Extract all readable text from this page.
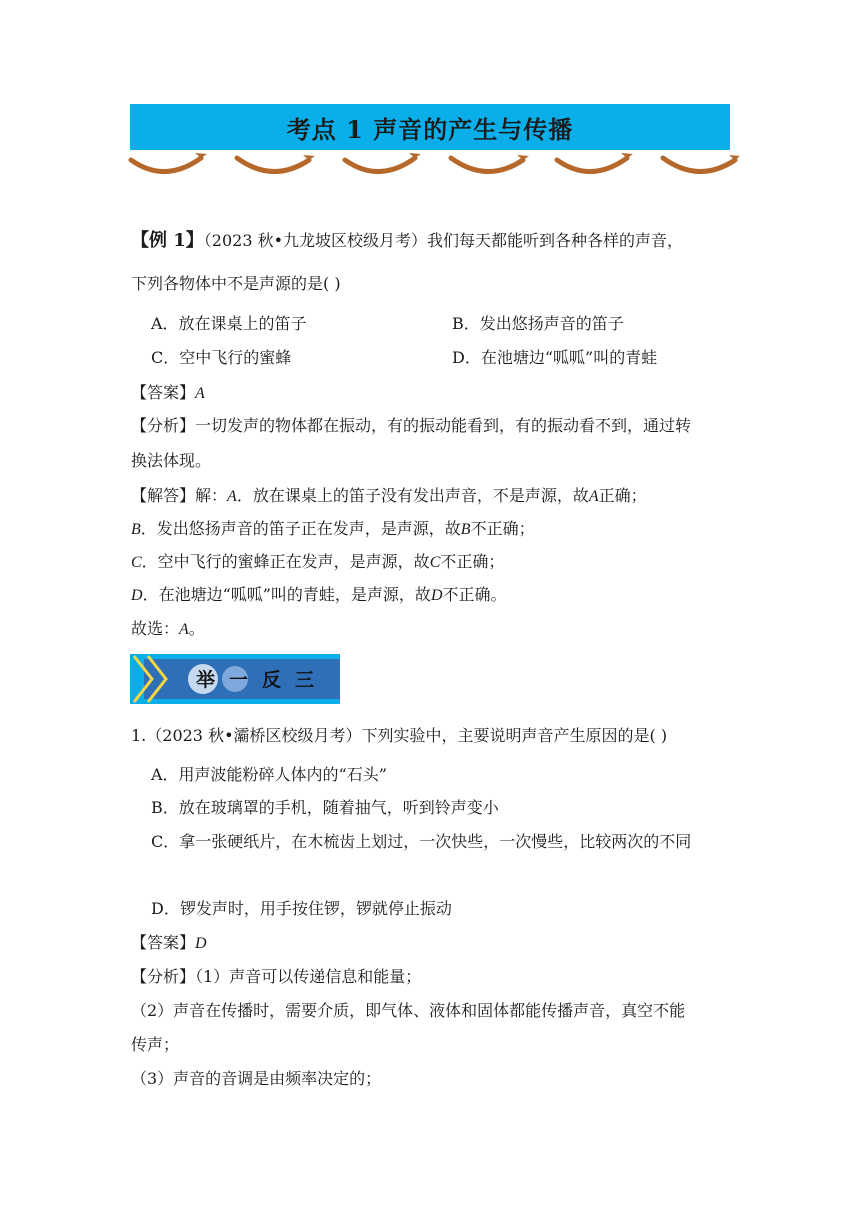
考点 1 声音的产生与传播
【例 1】（2023 秋•九龙坡区校级月考）我们每天都能听到各种各样的声音，
下列各物体中不是声源的是( )
A．放在课桌上的笛子	B．发出悠扬声音的笛子
C．空中飞行的蜜蜂	D．在池塘边“呱呱”叫的青蛙
【答案】A
【分析】一切发声的物体都在振动，有的振动能看到，有的振动看不到，通过转
换法体现。
【解答】解：A．放在课桌上的笛子没有发出声音，不是声源，故A正确；
B．发出悠扬声音的笛子正在发声，是声源，故B不正确；
C．空中飞行的蜜蜂正在发声，是声源，故C不正确；
D．在池塘边“呱呱”叫的青蛙，是声源，故D不正确。
故选：A。
举一反三
1.（2023 秋•灞桥区校级月考）下列实验中，主要说明声音产生原因的是( )
A．用声波能粉碎人体内的“石头”
B．放在玻璃罩的手机，随着抽气，听到铃声变小
C．拿一张硬纸片，在木梳齿上划过，一次快些，一次慢些，比较两次的不同
D．锣发声时，用手按住锣，锣就停止振动
【答案】D
【分析】（1）声音可以传递信息和能量；
（2）声音在传播时，需要介质，即气体、液体和固体都能传播声音，真空不能
传声；
（3）声音的音调是由频率决定的；
